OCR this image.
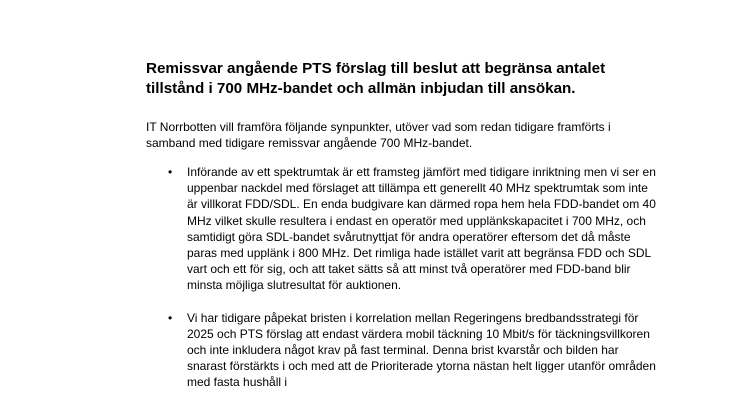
Remissvar angående PTS förslag till beslut att begränsa antalet tillstånd i 700 MHz-bandet och allmän inbjudan till ansökan.

IT Norrbotten vill framföra följande synpunkter, utöver vad som redan tidigare framförts i samband med tidigare remissvar angående 700 MHz-bandet.

• Införande av ett spektrumtak är ett framsteg jämfört med tidigare inriktning men vi ser en uppenbar nackdel med förslaget att tillämpa ett generellt 40 MHz spektrumtak som inte är villkorat FDD/SDL. En enda budgivare kan därmed ropa hem hela FDD-bandet om 40 MHz vilket skulle resultera i endast en operatör med upplänkskapacitet i 700 MHz, och samtidigt göra SDL-bandet svårutnyttjat för andra operatörer eftersom det då måste paras med upplänk i 800 MHz. Det rimliga hade istället varit att begränsa FDD och SDL vart och ett för sig, och att taket sätts så att minst två operatörer med FDD-band blir minsta möjliga slutresultat för auktionen.
• Vi har tidigare påpekat bristen i korrelation mellan Regeringens bredbandsstrategi för 2025 och PTS förslag att endast värdera mobil täckning 10 Mbit/s för täckningsvillkoren och inte inkludera något krav på fast terminal. Denna brist kvarstår och bilden har snarast förstärkts i och med att de Prioriterade ytorna nästan helt ligger utanför områden med fasta hushåll i
